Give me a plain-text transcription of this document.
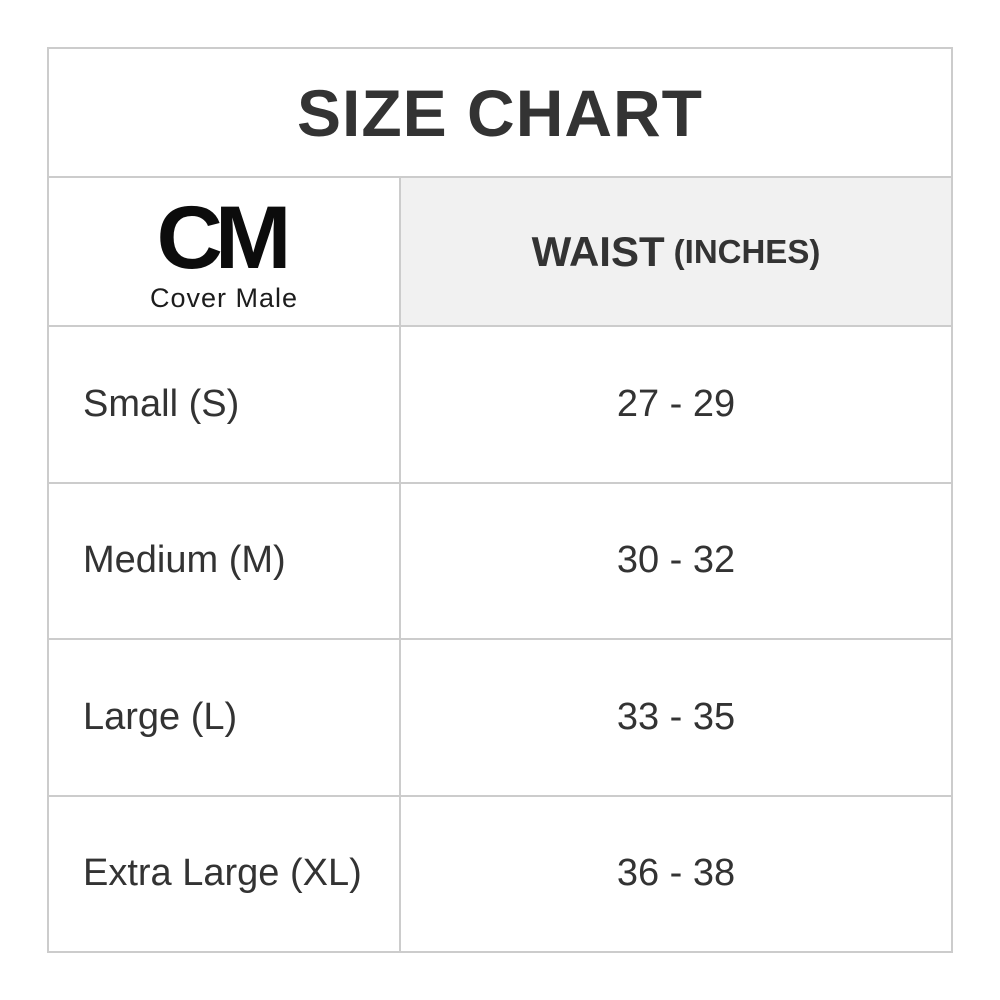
SIZE CHART
CM
Cover Male
WAIST (INCHES)
Small (S)	27 - 29
Medium (M)	30 - 32
Large (L)	33 - 35
Extra Large (XL)	36 - 38
